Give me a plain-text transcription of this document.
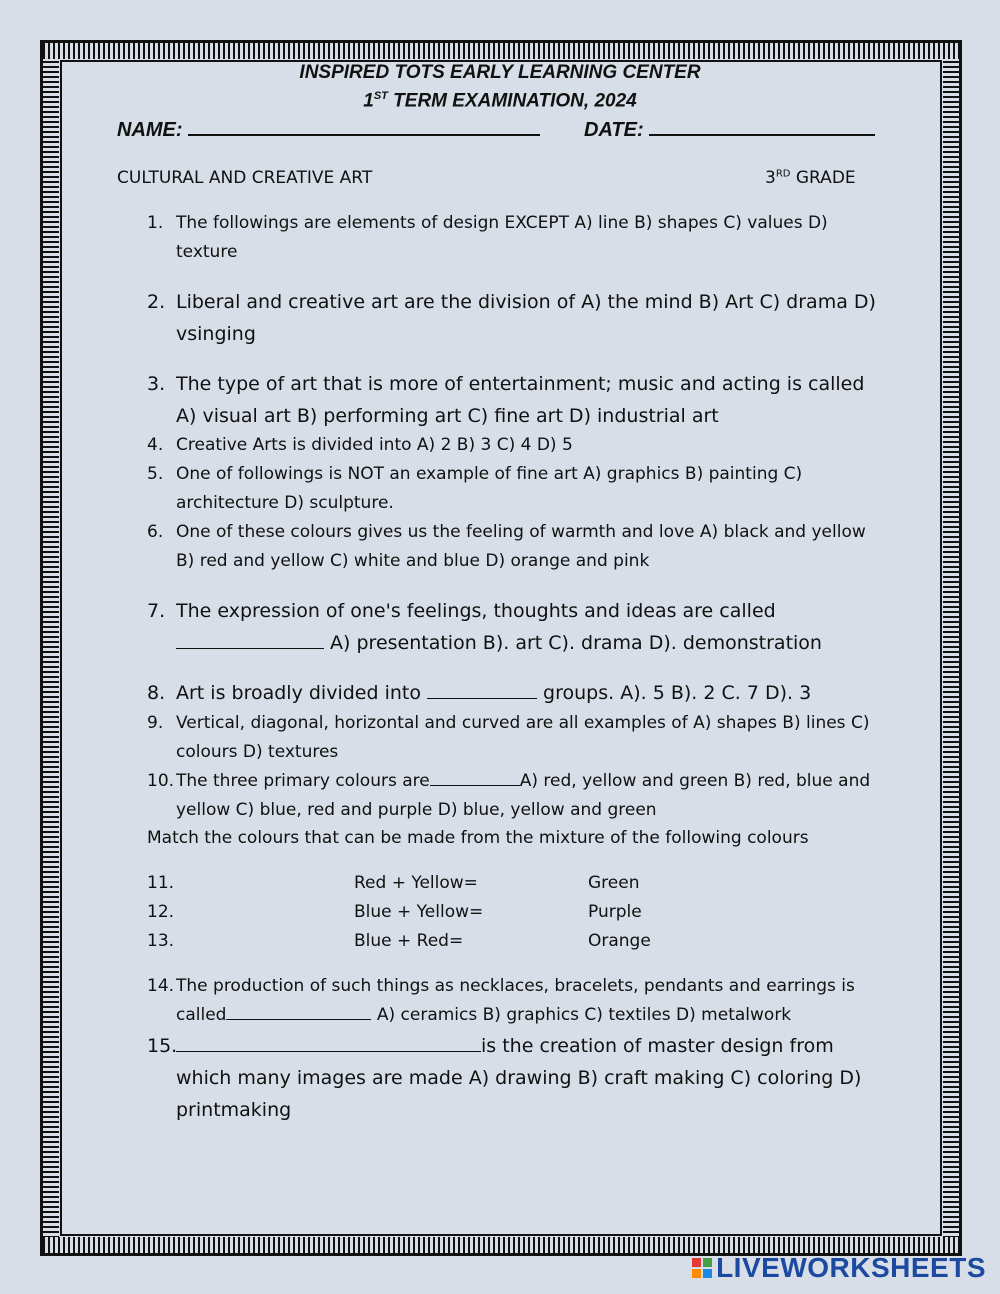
INSPIRED TOTS EARLY LEARNING CENTER
1ST TERM EXAMINATION, 2024
NAME:	DATE:
CULTURAL AND CREATIVE ART	3RD GRADE
1. The followings are elements of design EXCEPT A) line B) shapes C) values D) texture
2. Liberal and creative art are the division of A) the mind B) Art C) drama D) vsinging
3. The type of art that is more of entertainment; music and acting is called A) visual art B) performing art C) fine art D) industrial art
4. Creative Arts is divided into A) 2 B) 3 C) 4 D) 5
5. One of followings is NOT an example of fine art A) graphics B) painting C) architecture D) sculpture.
6. One of these colours gives us the feeling of warmth and love A) black and yellow B) red and yellow C) white and blue D) orange and pink
7. The expression of one's feelings, thoughts and ideas are called A) presentation B). art C). drama D). demonstration
8. Art is broadly divided into	groups. A). 5 B). 2 C. 7 D). 3
9. Vertical, diagonal, horizontal and curved are all examples of A) shapes B) lines C) colours D) textures
10. The three primary colours are	A) red, yellow and green B) red, blue and yellow C) blue, red and purple D) blue, yellow and green
Match the colours that can be made from the mixture of the following colours
11.	Red + Yellow=	Green
12.	Blue + Yellow=	Purple
13.	Blue + Red=	Orange
14. The production of such things as necklaces, bracelets, pendants and earrings is called	A) ceramics B) graphics C) textiles D) metalwork
15.	is the creation of master design from which many images are made A) drawing B) craft making C) coloring D) printmaking
LIVEWORKSHEETS
